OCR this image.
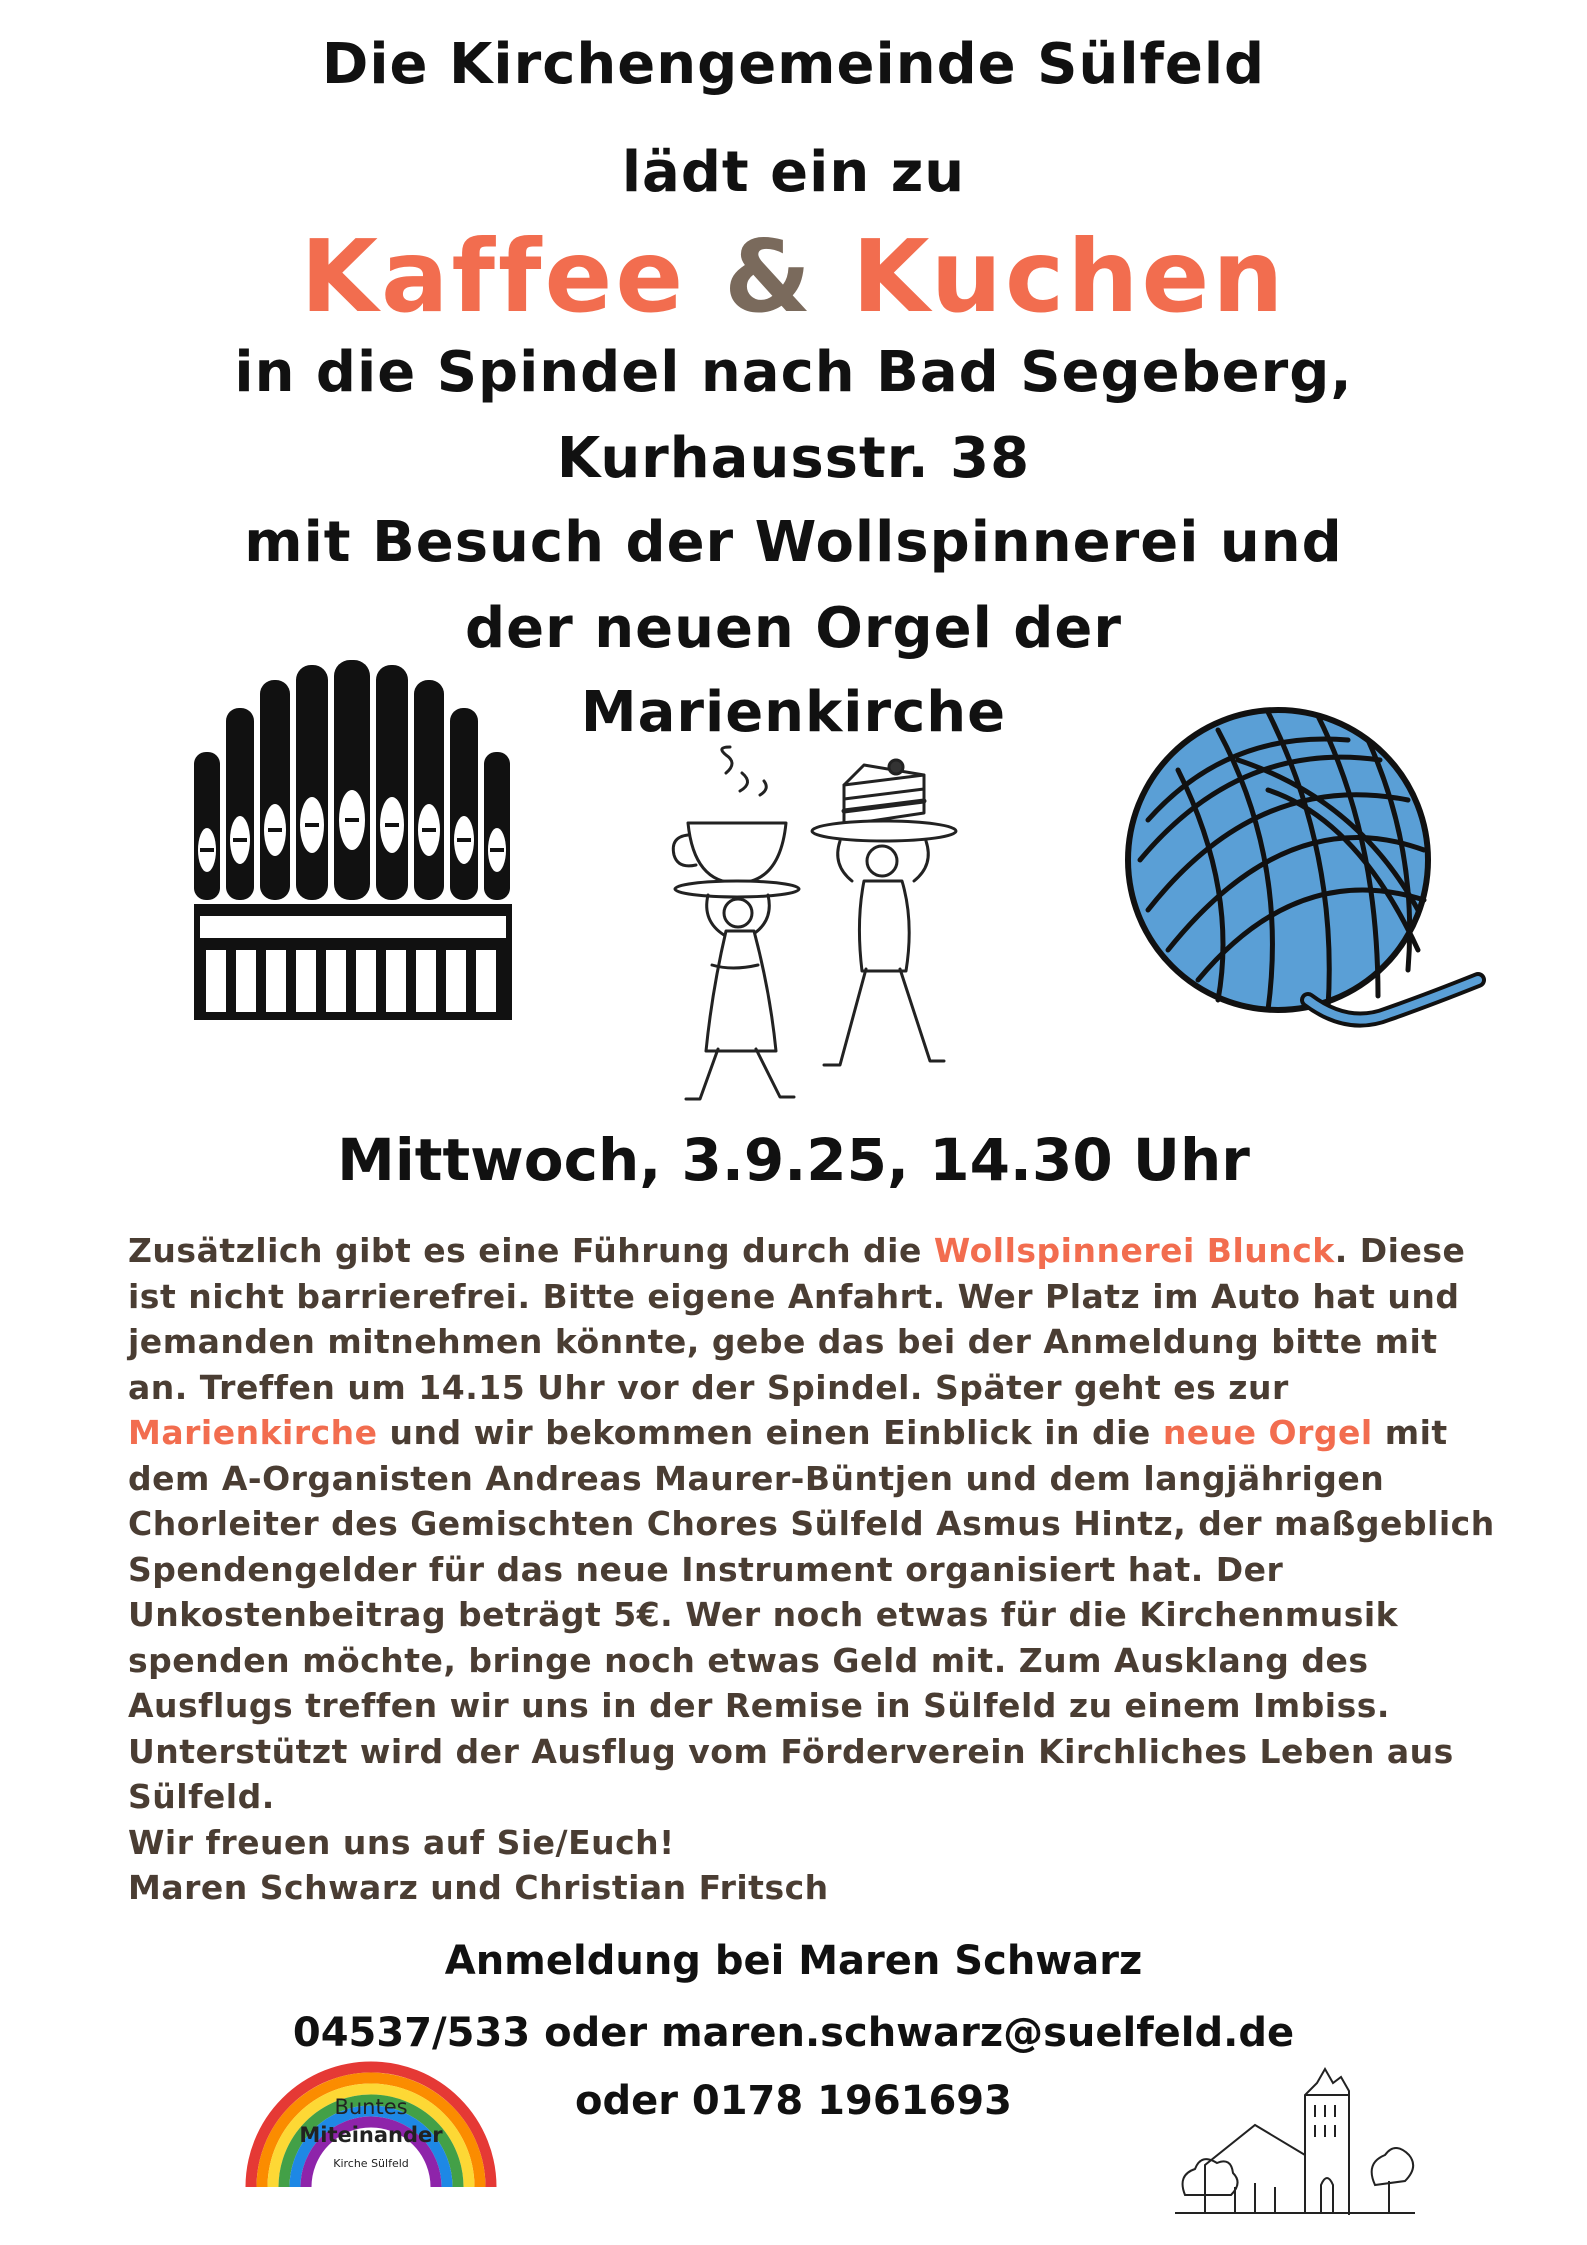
Die Kirchengemeinde Sülfeld
lädt ein zu
Kaffee & Kuchen
in die Spindel nach Bad Segeberg,
Kurhausstr. 38
mit Besuch der Wollspinnerei und
der neuen Orgel der
Marienkirche
Mittwoch, 3.9.25, 14.30 Uhr
Zusätzlich gibt es eine Führung durch die Wollspinnerei Blunck. Diese ist nicht barrierefrei. Bitte eigene Anfahrt. Wer Platz im Auto hat und jemanden mitnehmen könnte, gebe das bei der Anmeldung bitte mit an. Treffen um 14.15 Uhr vor der Spindel. Später geht es zur Marienkirche und wir bekommen einen Einblick in die neue Orgel mit dem A-Organisten Andreas Maurer-Büntjen und dem langjährigen Chorleiter des Gemischten Chores Sülfeld Asmus Hintz, der maßgeblich Spendengelder für das neue Instrument organisiert hat. Der Unkostenbeitrag beträgt 5€. Wer noch etwas für die Kirchenmusik spenden möchte, bringe noch etwas Geld mit. Zum Ausklang des Ausflugs treffen wir uns in der Remise in Sülfeld zu einem Imbiss. Unterstützt wird der Ausflug vom Förderverein Kirchliches Leben aus Sülfeld.
Wir freuen uns auf Sie/Euch!
Maren Schwarz und Christian Fritsch
Anmeldung bei Maren Schwarz
04537/533 oder maren.schwarz@suelfeld.de
oder 0178 1961693
Buntes
Miteinander
Kirche Sülfeld
